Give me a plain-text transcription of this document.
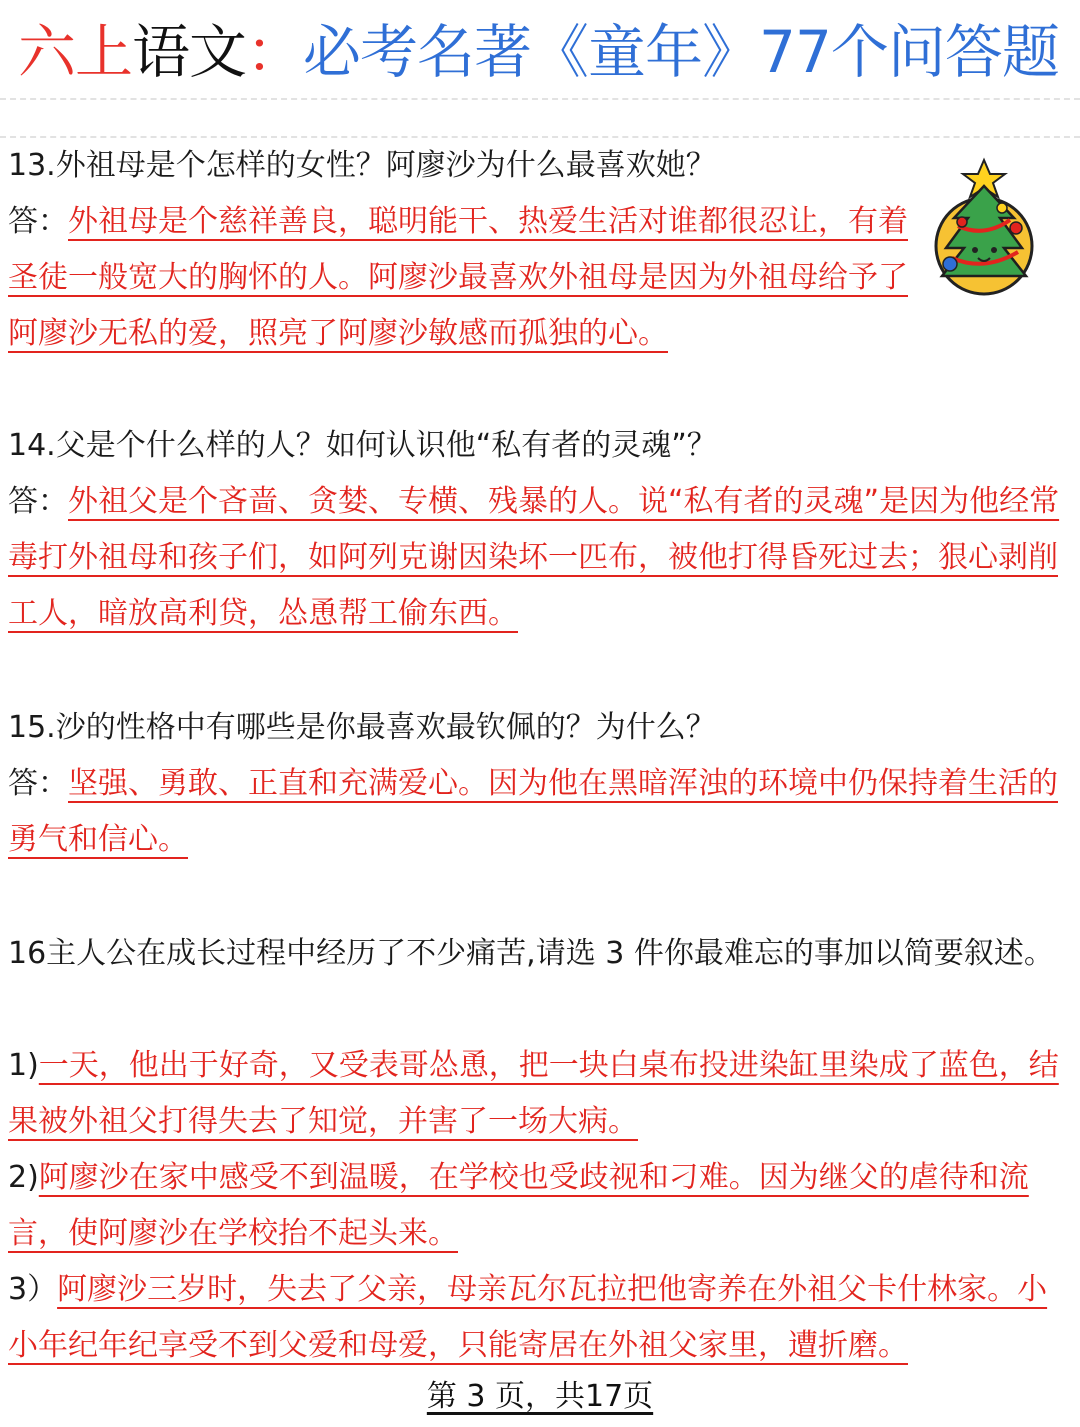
六上语文：必考名著《童年》77个问答题
13.外祖母是个怎样的女性？阿廖沙为什么最喜欢她？
答：外祖母是个慈祥善良，聪明能干、热爱生活对谁都很忍让，有着圣徒一般宽大的胸怀的人。阿廖沙最喜欢外祖母是因为外祖母给予了阿廖沙无私的爱，照亮了阿廖沙敏感而孤独的心。
14.父是个什么样的人？如何认识他“私有者的灵魂”？
答：外祖父是个吝啬、贪婪、专横、残暴的人。说“私有者的灵魂”是因为他经常毒打外祖母和孩子们，如阿列克谢因染坏一匹布，被他打得昏死过去；狠心剥削工人，暗放高利贷，怂恿帮工偷东西。
15.沙的性格中有哪些是你最喜欢最钦佩的？为什么？
答：坚强、勇敢、正直和充满爱心。因为他在黑暗浑浊的环境中仍保持着生活的勇气和信心。
16主人公在成长过程中经历了不少痛苦,请选 3 件你最难忘的事加以简要叙述。
1)一天，他出于好奇，又受表哥怂恿，把一块白桌布投进染缸里染成了蓝色，结果被外祖父打得失去了知觉，并害了一场大病。
2)阿廖沙在家中感受不到温暖，在学校也受歧视和刁难。因为继父的虐待和流言，使阿廖沙在学校抬不起头来。
3）阿廖沙三岁时，失去了父亲，母亲瓦尔瓦拉把他寄养在外祖父卡什林家。小小年纪年纪享受不到父爱和母爱，只能寄居在外祖父家里，遭折磨。
第 3 页，共17页
